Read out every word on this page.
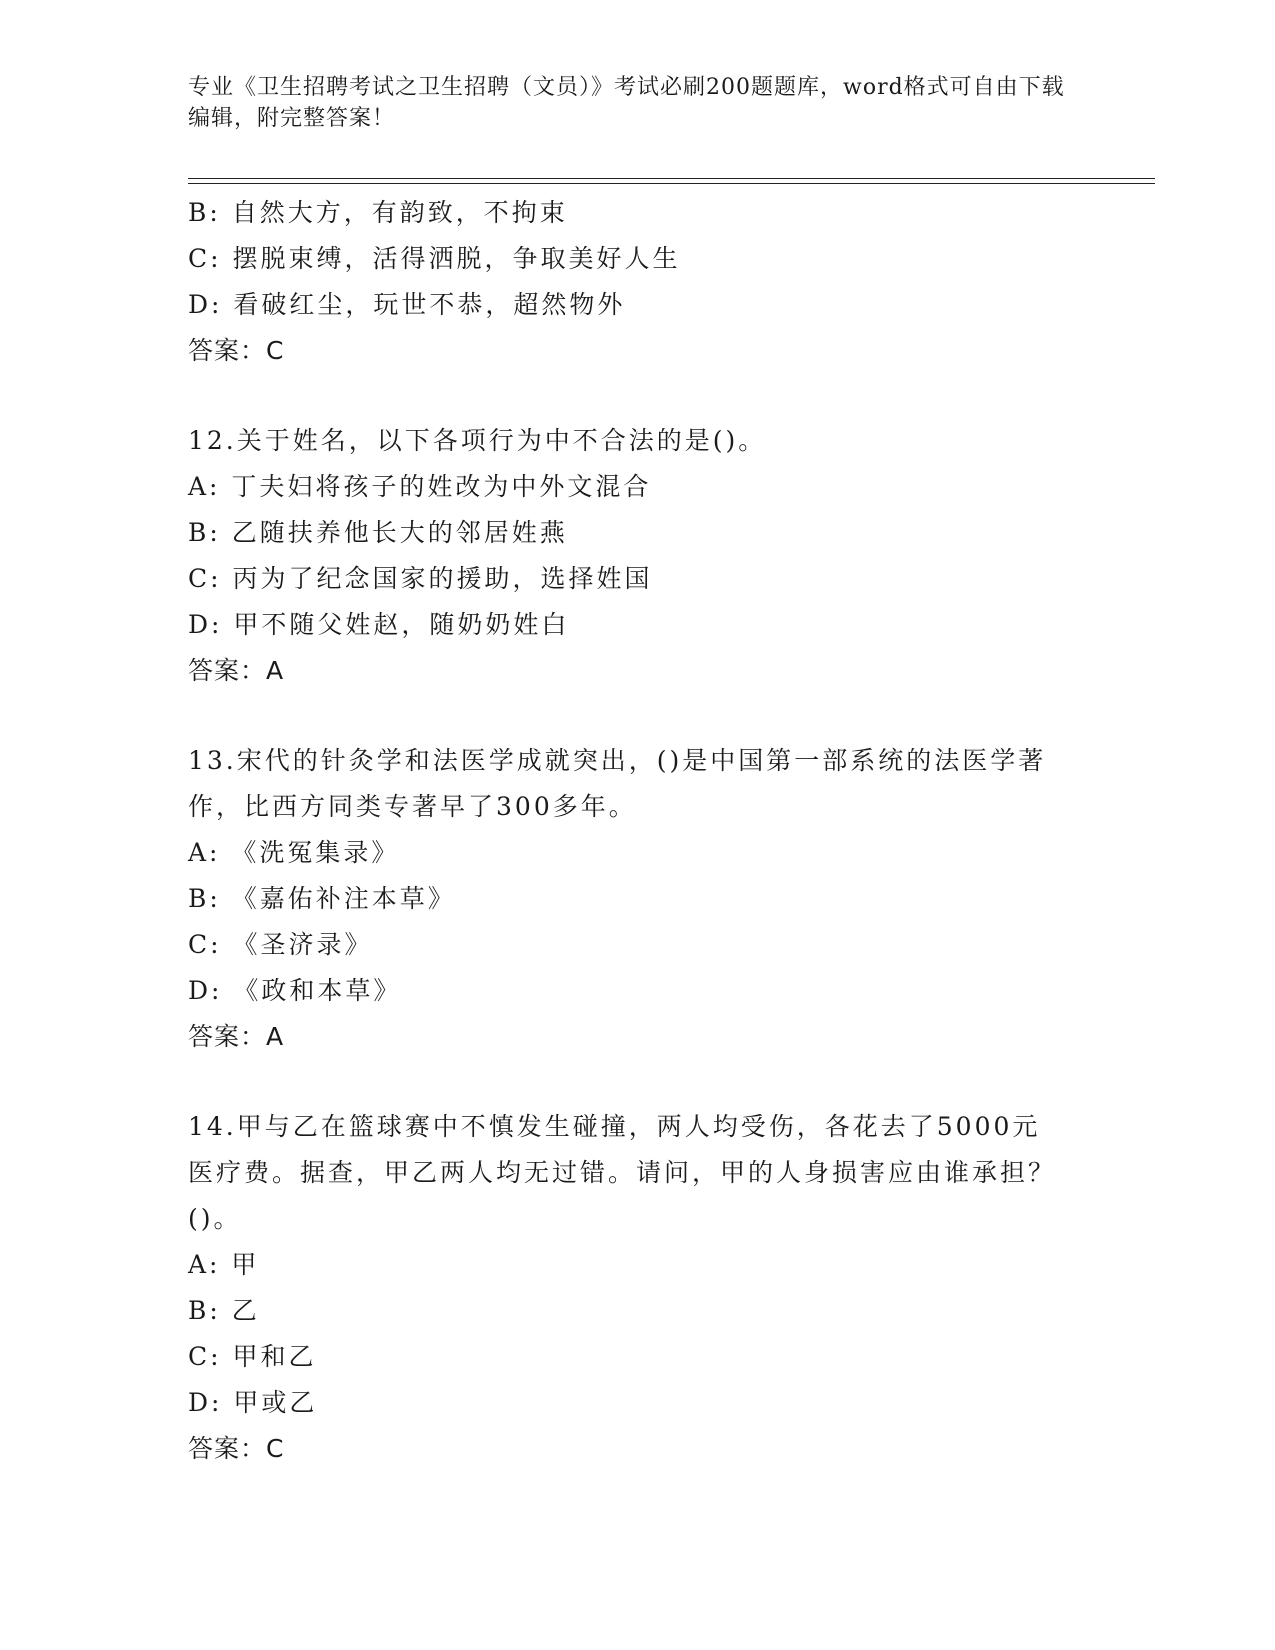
专业《卫生招聘考试之卫生招聘（文员）》考试必刷200题题库，word格式可自由下载编辑，附完整答案！
B: 自然大方，有韵致，不拘束
C: 摆脱束缚，活得洒脱，争取美好人生
D: 看破红尘，玩世不恭，超然物外
答案：C
12.关于姓名，以下各项行为中不合法的是()。
A: 丁夫妇将孩子的姓改为中外文混合
B: 乙随扶养他长大的邻居姓燕
C: 丙为了纪念国家的援助，选择姓国
D: 甲不随父姓赵，随奶奶姓白
答案：A
13.宋代的针灸学和法医学成就突出，()是中国第一部系统的法医学著作，比西方同类专著早了300多年。
A: 《洗冤集录》
B: 《嘉佑补注本草》
C: 《圣济录》
D: 《政和本草》
答案：A
14.甲与乙在篮球赛中不慎发生碰撞，两人均受伤，各花去了5000元医疗费。据查，甲乙两人均无过错。请问，甲的人身损害应由谁承担？()。
A: 甲
B: 乙
C: 甲和乙
D: 甲或乙
答案：C
